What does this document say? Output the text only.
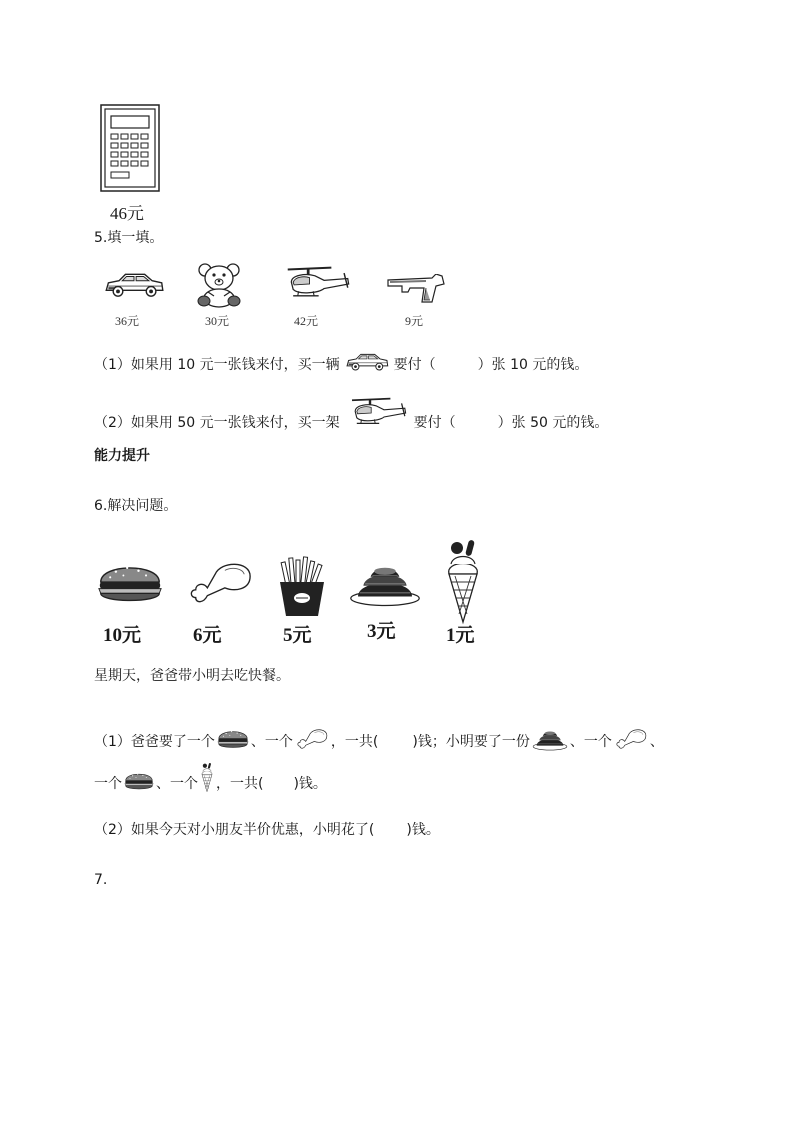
46元
5.填一填。
36元	30元	42元	9元
（1）如果用 10 元一张钱来付，买一辆	要付（	）张 10 元的钱。
（2）如果用 50 元一张钱来付，买一架	要付（	）张 50 元的钱。
能力提升
6.解决问题。
10元	6元	5元	3元	1元
星期天，爸爸带小明去吃快餐。
（1）爸爸要了一个	、一个	，一共( )钱；小明要了一份	、一个	、
一个 、一个 ，一共( )钱。
（2）如果今天对小朋友半价优惠，小明花了( )钱。
7.
